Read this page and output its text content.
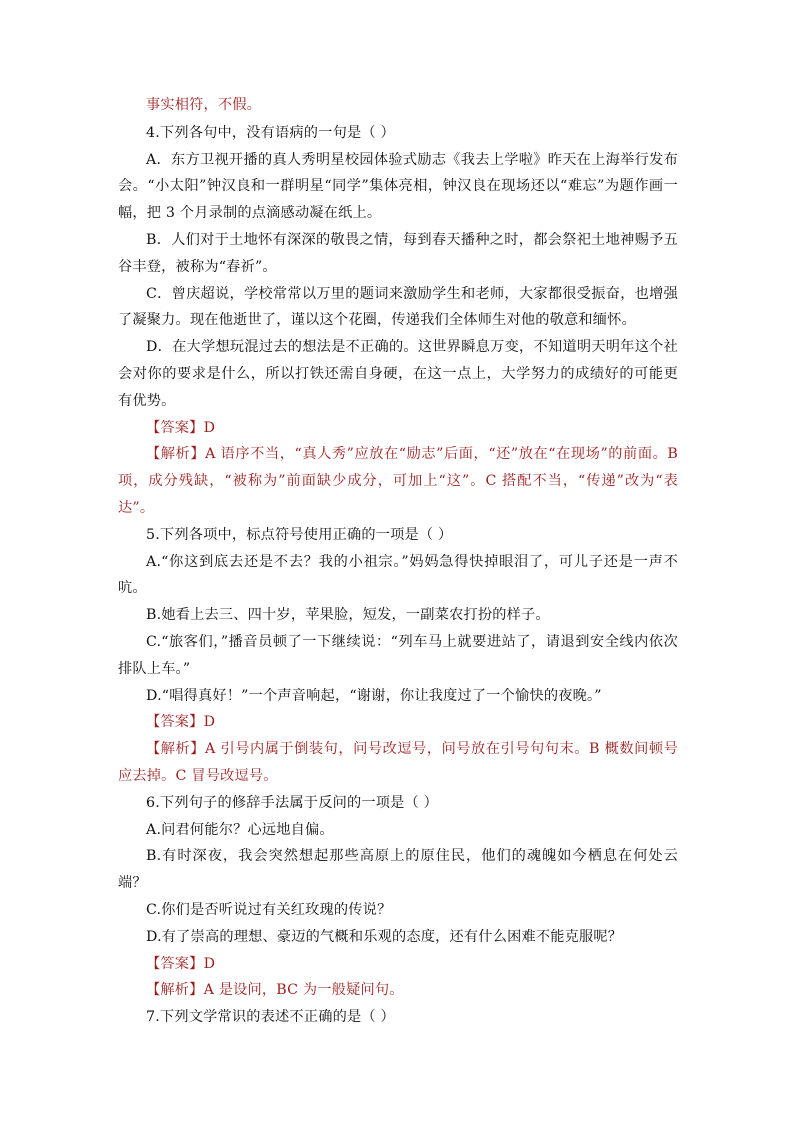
事实相符，不假。

4.下列各句中，没有语病的一句是（ ）

A．东方卫视开播的真人秀明星校园体验式励志《我去上学啦》昨天在上海举行发布会。“小太阳”钟汉良和一群明星“同学”集体亮相，钟汉良在现场还以“难忘”为题作画一幅，把 3 个月录制的点滴感动凝在纸上。

B．人们对于土地怀有深深的敬畏之情，每到春天播种之时，都会祭祀土地神赐予五谷丰登，被称为“春祈”。

C．曾庆超说，学校常常以万里的题词来激励学生和老师，大家都很受振奋，也增强了凝聚力。现在他逝世了，谨以这个花圈，传递我们全体师生对他的敬意和缅怀。

D．在大学想玩混过去的想法是不正确的。这世界瞬息万变，不知道明天明年这个社会对你的要求是什么，所以打铁还需自身硬，在这一点上，大学努力的成绩好的可能更有优势。

【答案】D

【解析】A 语序不当，“真人秀”应放在“励志”后面，“还”放在“在现场”的前面。B 项，成分残缺，“被称为”前面缺少成分，可加上“这”。C 搭配不当，“传递”改为“表达”。

5.下列各项中，标点符号使用正确的一项是（ ）

A.“你这到底去还是不去？我的小祖宗。”妈妈急得快掉眼泪了，可儿子还是一声不吭。

B.她看上去三、四十岁，苹果脸，短发，一副菜农打扮的样子。

C.“旅客们，”播音员顿了一下继续说：“列车马上就要进站了，请退到安全线内依次排队上车。”

D.“唱得真好！”一个声音响起，“谢谢，你让我度过了一个愉快的夜晚。”

【答案】D

【解析】A 引号内属于倒装句，问号改逗号，问号放在引号句句末。B 概数间顿号应去掉。C 冒号改逗号。

6.下列句子的修辞手法属于反问的一项是（ ）

A.问君何能尔？心远地自偏。

B.有时深夜，我会突然想起那些高原上的原住民，他们的魂魄如今栖息在何处云端？

C.你们是否听说过有关红玫瑰的传说？

D.有了崇高的理想、豪迈的气概和乐观的态度，还有什么困难不能克服呢？

【答案】D

【解析】A 是设问，BC 为一般疑问句。

7.下列文学常识的表述不正确的是（ ）
